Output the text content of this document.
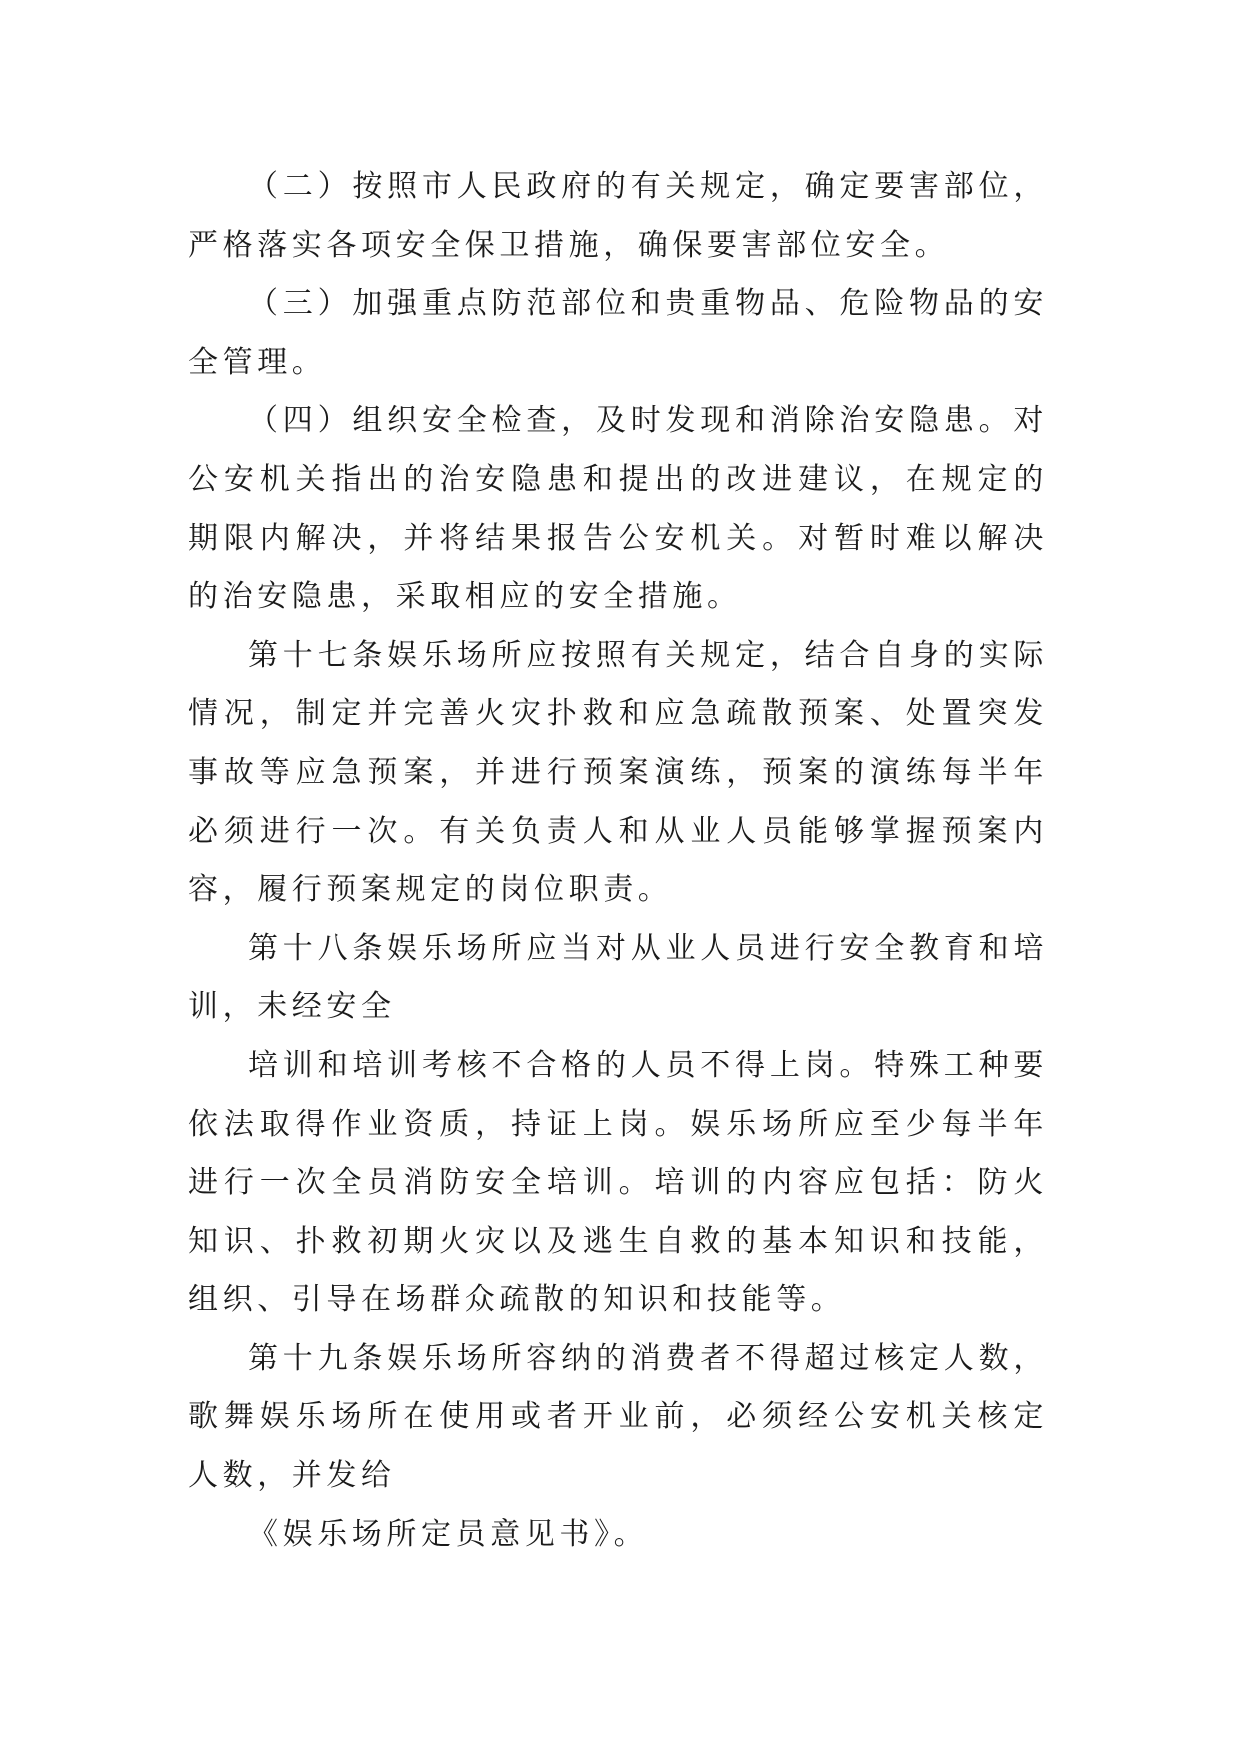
（二）按照市人民政府的有关规定，确定要害部位，严格落实各项安全保卫措施，确保要害部位安全。

（三）加强重点防范部位和贵重物品、危险物品的安全管理。

（四）组织安全检查，及时发现和消除治安隐患。对公安机关指出的治安隐患和提出的改进建议，在规定的期限内解决，并将结果报告公安机关。对暂时难以解决的治安隐患，采取相应的安全措施。

第十七条娱乐场所应按照有关规定，结合自身的实际情况，制定并完善火灾扑救和应急疏散预案、处置突发事故等应急预案，并进行预案演练，预案的演练每半年必须进行一次。有关负责人和从业人员能够掌握预案内容，履行预案规定的岗位职责。

第十八条娱乐场所应当对从业人员进行安全教育和培训，未经安全

培训和培训考核不合格的人员不得上岗。特殊工种要依法取得作业资质，持证上岗。娱乐场所应至少每半年进行一次全员消防安全培训。培训的内容应包括：防火知识、扑救初期火灾以及逃生自救的基本知识和技能，组织、引导在场群众疏散的知识和技能等。

第十九条娱乐场所容纳的消费者不得超过核定人数，歌舞娱乐场所在使用或者开业前，必须经公安机关核定人数，并发给

《娱乐场所定员意见书》。
